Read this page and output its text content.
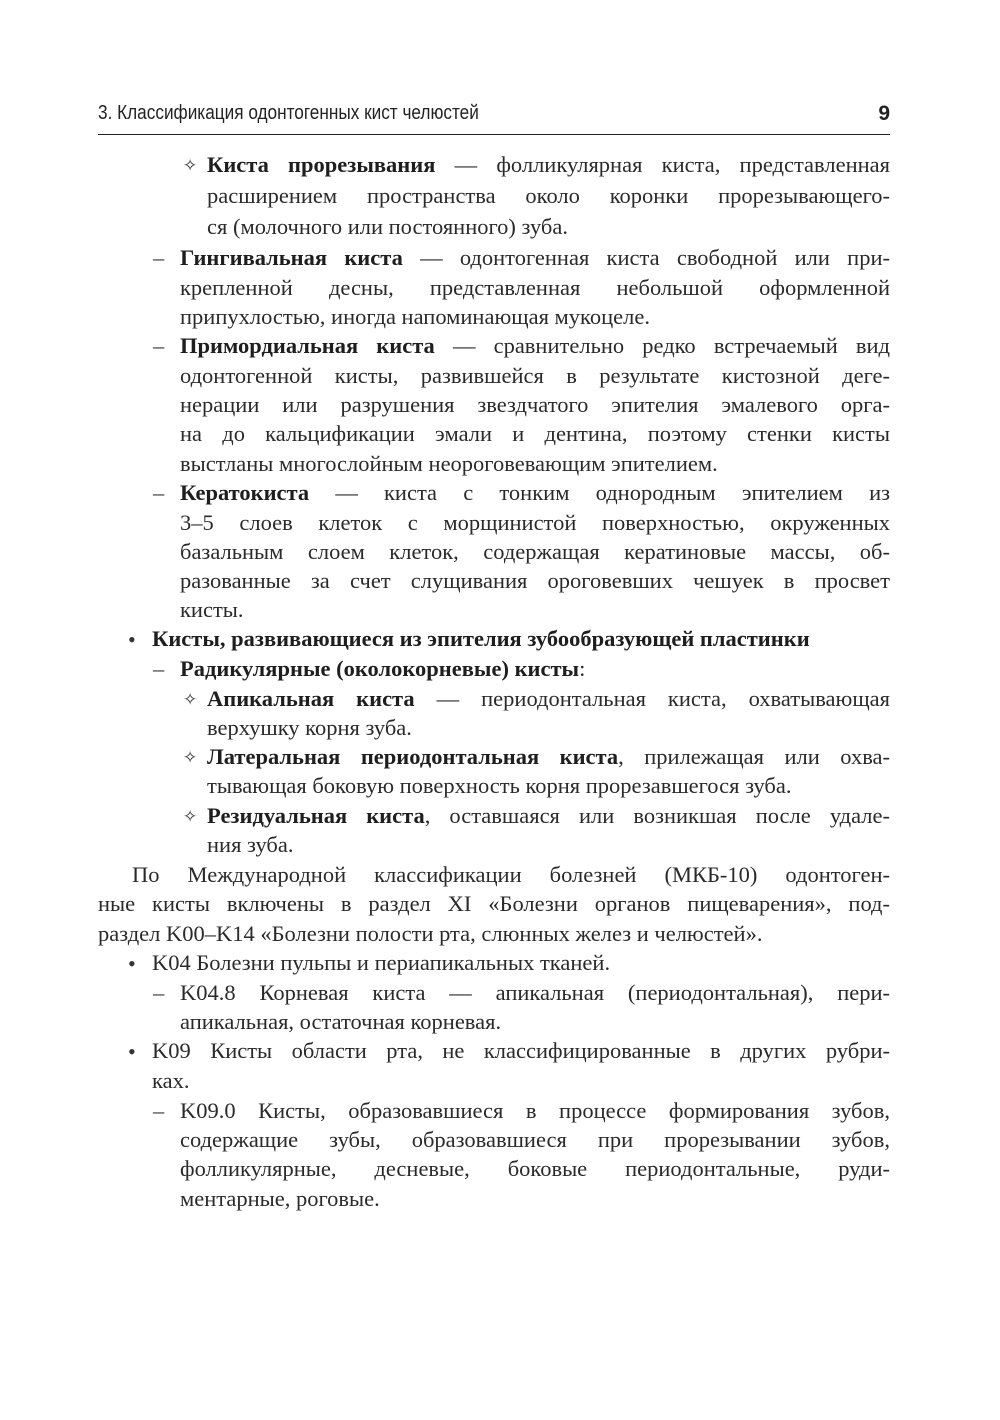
3. Классификация одонтогенных кист челюстей	9
✧ Киста прорезывания — фолликулярная киста, представленная
расширением пространства около коронки прорезывающего-
ся (молочного или постоянного) зуба.
– Гингивальная киста — одонтогенная киста свободной или при-
крепленной десны, представленная небольшой оформленной
припухлостью, иногда напоминающая мукоцеле.
– Примордиальная киста — сравнительно редко встречаемый вид
одонтогенной кисты, развившейся в результате кистозной деге-
нерации или разрушения звездчатого эпителия эмалевого орга-
на до кальцификации эмали и дентина, поэтому стенки кисты
выстланы многослойным неороговевающим эпителием.
– Кератокиста — киста с тонким однородным эпителием из
3–5 слоев клеток с морщинистой поверхностью, окруженных
базальным слоем клеток, содержащая кератиновые массы, об-
разованные за счет слущивания ороговевших чешуек в просвет
кисты.
• Кисты, развивающиеся из эпителия зубообразующей пластинки
– Радикулярные (околокорневые) кисты:
✧ Апикальная киста — периодонтальная киста, охватывающая
верхушку корня зуба.
✧ Латеральная периодонтальная киста, прилежащая или охва-
тывающая боковую поверхность корня прорезавшегося зуба.
✧ Резидуальная киста, оставшаяся или возникшая после удале-
ния зуба.
По Международной классификации болезней (МКБ-10) одонтоген-
ные кисты включены в раздел XI «Болезни органов пищеварения», под-
раздел K00–K14 «Болезни полости рта, слюнных желез и челюстей».
• K04 Болезни пульпы и периапикальных тканей.
– K04.8 Корневая киста — апикальная (периодонтальная), пери-
апикальная, остаточная корневая.
• K09 Кисты области рта, не классифицированные в других рубри-
ках.
– K09.0 Кисты, образовавшиеся в процессе формирования зубов,
содержащие зубы, образовавшиеся при прорезывании зубов,
фолликулярные, десневые, боковые периодонтальные, руди-
ментарные, роговые.
